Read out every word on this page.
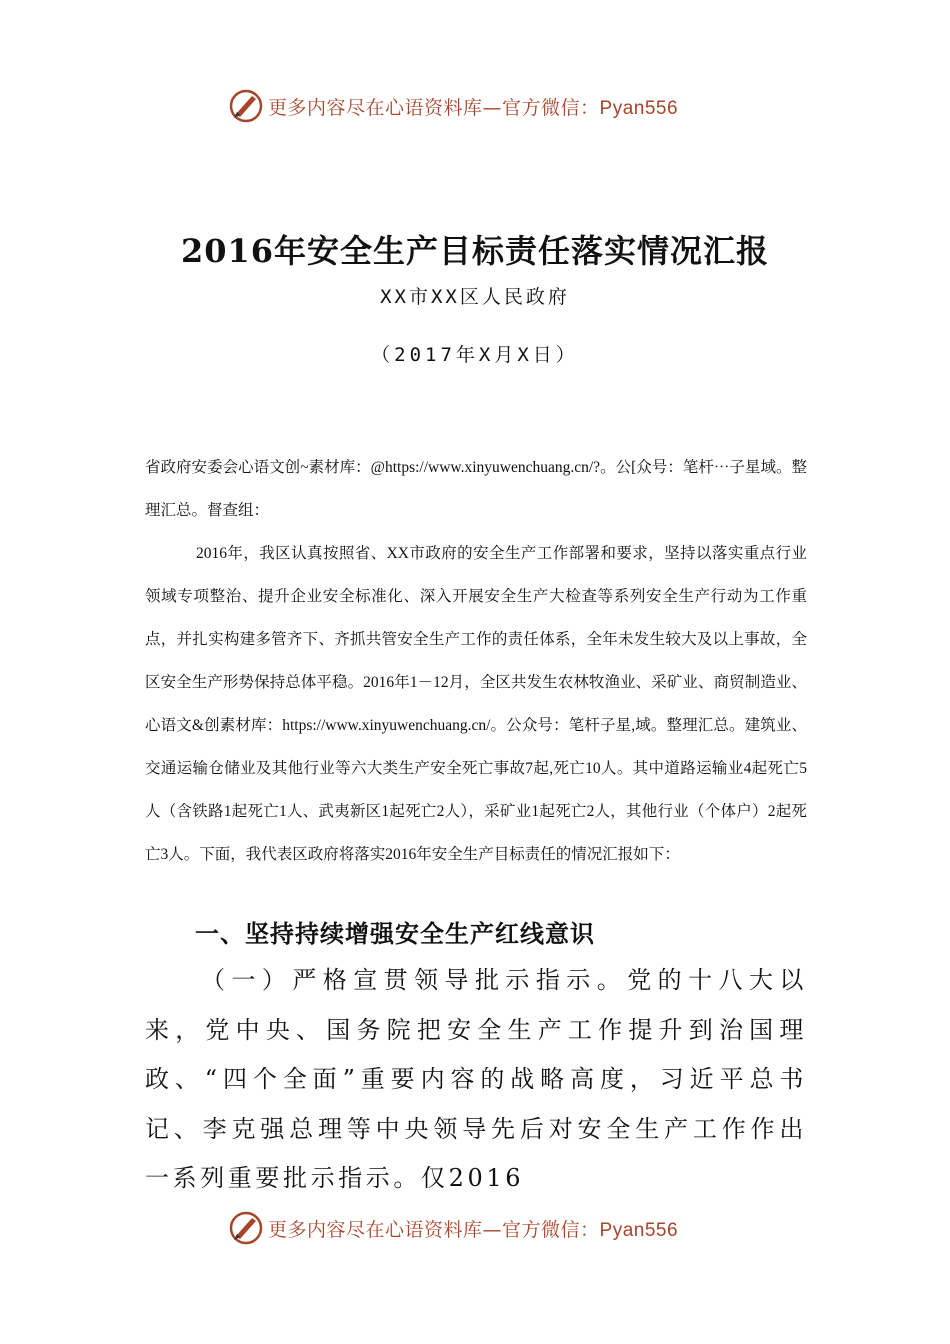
更多内容尽在心语资料库—官方微信：Pyan556
2016年安全生产目标责任落实情况汇报
XX市XX区人民政府
（2017年X月X日）

省政府安委会心语文创~素材库：@https://www.xinyuwenchuang.cn/?。公[众号：笔杆⋯子星域。整理汇总。督查组：

2016年，我区认真按照省、XX市政府的安全生产工作部署和要求，坚持以落实重点行业领域专项整治、提升企业安全标准化、深入开展安全生产大检查等系列安全生产行动为工作重点，并扎实构建多管齐下、齐抓共管安全生产工作的责任体系，全年未发生较大及以上事故，全区安全生产形势保持总体平稳。2016年1－12月，全区共发生农林牧渔业、采矿业、商贸制造业、心语文&创素材库：https://www.xinyuwenchuang.cn/。公众号：笔杆子星,域。整理汇总。建筑业、交通运输仓储业及其他行业等六大类生产安全死亡事故7起,死亡10人。其中道路运输业4起死亡5人（含铁路1起死亡1人、武夷新区1起死亡2人），采矿业1起死亡2人，其他行业（个体户）2起死亡3人。下面，我代表区政府将落实2016年安全生产目标责任的情况汇报如下：

一、坚持持续增强安全生产红线意识

（一）严格宣贯领导批示指示。党的十八大以来，党中央、国务院把安全生产工作提升到治国理政、“四个全面”重要内容的战略高度，习近平总书记、李克强总理等中央领导先后对安全生产工作作出一系列重要批示指示。仅2016

更多内容尽在心语资料库—官方微信：Pyan556
